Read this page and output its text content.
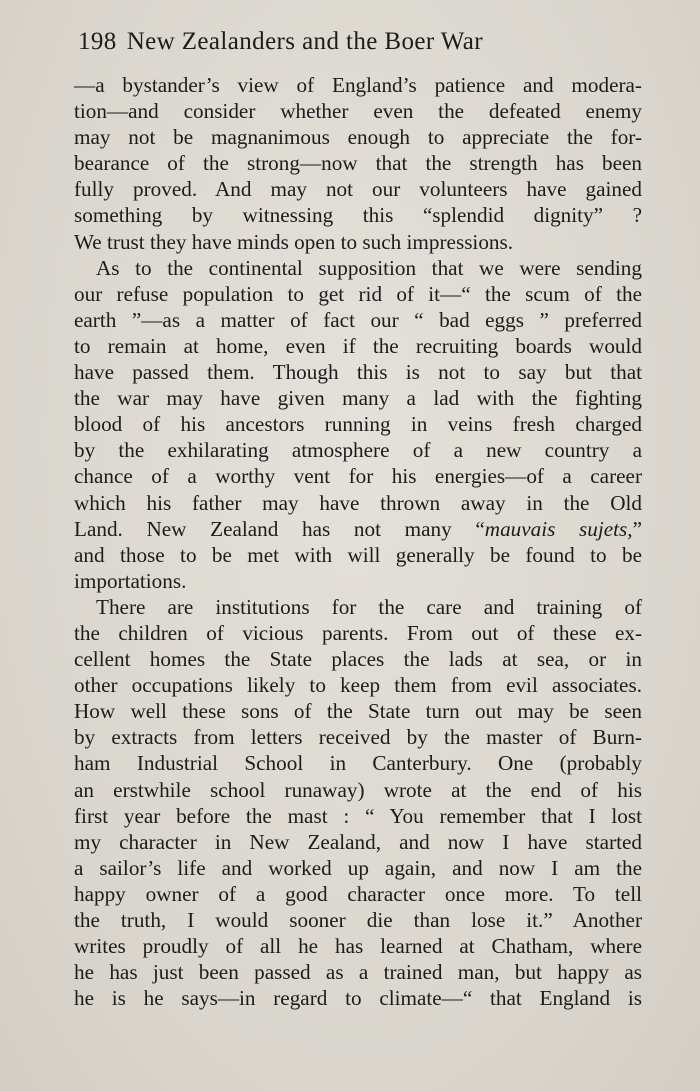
198 New Zealanders and the Boer War
—a bystander’s view of England’s patience and modera-
tion—and consider whether even the defeated enemy
may not be magnanimous enough to appreciate the for-
bearance of the strong—now that the strength has been
fully proved. And may not our volunteers have gained
something by witnessing this “splendid dignity” ?
We trust they have minds open to such impressions.
As to the continental supposition that we were sending
our refuse population to get rid of it—“ the scum of the
earth ”—as a matter of fact our “ bad eggs ” preferred
to remain at home, even if the recruiting boards would
have passed them. Though this is not to say but that
the war may have given many a lad with the fighting
blood of his ancestors running in veins fresh charged
by the exhilarating atmosphere of a new country a
chance of a worthy vent for his energies—of a career
which his father may have thrown away in the Old
Land. New Zealand has not many “mauvais sujets,”
and those to be met with will generally be found to be
importations.
There are institutions for the care and training of
the children of vicious parents. From out of these ex-
cellent homes the State places the lads at sea, or in
other occupations likely to keep them from evil associates.
How well these sons of the State turn out may be seen
by extracts from letters received by the master of Burn-
ham Industrial School in Canterbury. One (probably
an erstwhile school runaway) wrote at the end of his
first year before the mast : “ You remember that I lost
my character in New Zealand, and now I have started
a sailor’s life and worked up again, and now I am the
happy owner of a good character once more. To tell
the truth, I would sooner die than lose it.” Another
writes proudly of all he has learned at Chatham, where
he has just been passed as a trained man, but happy as
he is he says—in regard to climate—“ that England is
